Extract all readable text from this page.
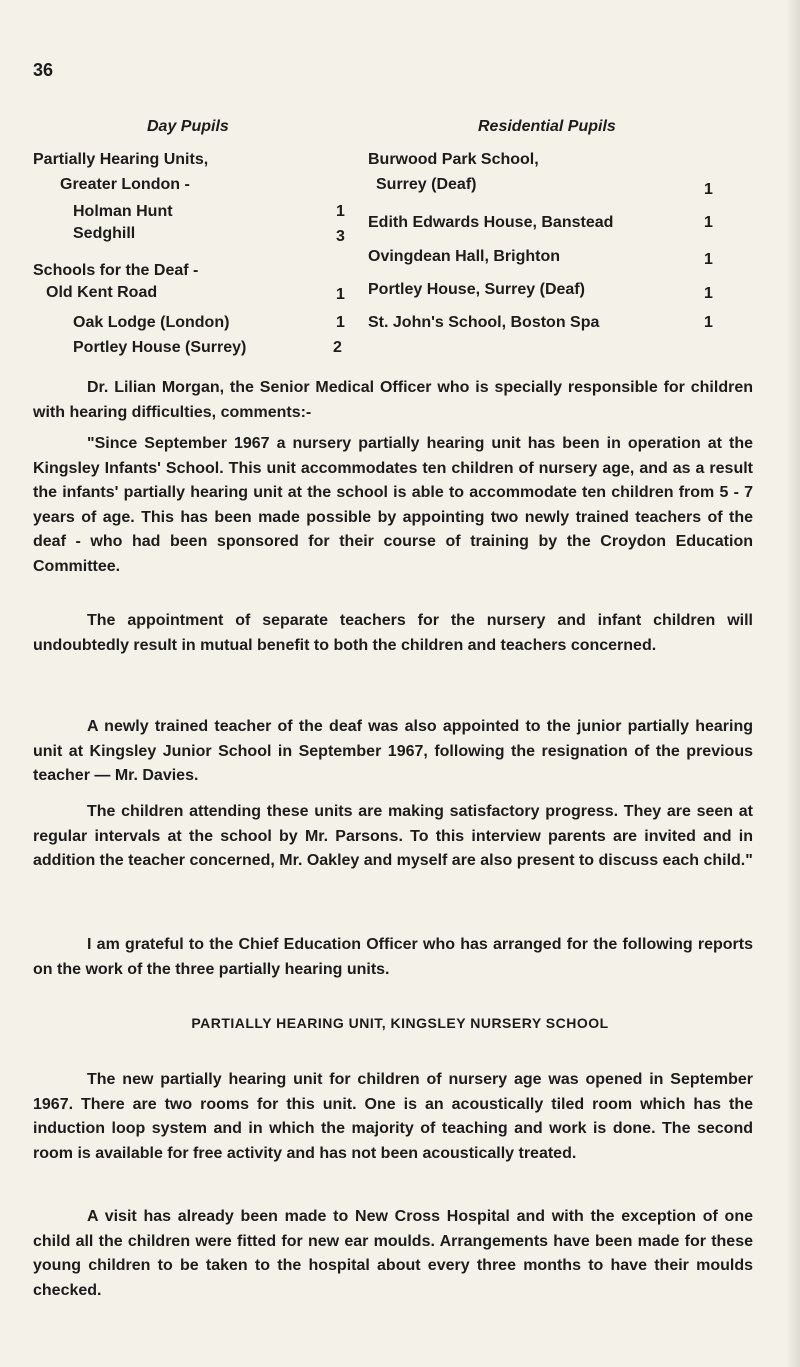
36
Day Pupils	Residential Pupils
Partially Hearing Units,
Greater London -
Holman Hunt	1
Sedghill	3
Schools for the Deaf -
Old Kent Road	1
Oak Lodge (London)	1
Portley House (Surrey)	2
Burwood Park School,
Surrey (Deaf)	1
Edith Edwards House, Banstead	1
Ovingdean Hall, Brighton	1
Portley House, Surrey (Deaf)	1
St. John's School, Boston Spa	1

Dr. Lilian Morgan, the Senior Medical Officer who is specially responsible for children with hearing difficulties, comments:-

"Since September 1967 a nursery partially hearing unit has been in operation at the Kingsley Infants' School. This unit accommodates ten children of nursery age, and as a result the infants' partially hearing unit at the school is able to accommodate ten children from 5 - 7 years of age. This has been made possible by appointing two newly trained teachers of the deaf - who had been sponsored for their course of training by the Croydon Education Committee.

The appointment of separate teachers for the nursery and infant children will undoubtedly result in mutual benefit to both the children and teachers concerned.

A newly trained teacher of the deaf was also appointed to the junior partially hearing unit at Kingsley Junior School in September 1967, following the resignation of the previous teacher — Mr. Davies.

The children attending these units are making satisfactory progress. They are seen at regular intervals at the school by Mr. Parsons. To this interview parents are invited and in addition the teacher concerned, Mr. Oakley and myself are also present to discuss each child."

I am grateful to the Chief Education Officer who has arranged for the following reports on the work of the three partially hearing units.

PARTIALLY HEARING UNIT, KINGSLEY NURSERY SCHOOL

The new partially hearing unit for children of nursery age was opened in September 1967. There are two rooms for this unit. One is an acoustically tiled room which has the induction loop system and in which the majority of teaching and work is done. The second room is available for free activity and has not been acoustically treated.

A visit has already been made to New Cross Hospital and with the exception of one child all the children were fitted for new ear moulds. Arrangements have been made for these young children to be taken to the hospital about every three months to have their moulds checked.
